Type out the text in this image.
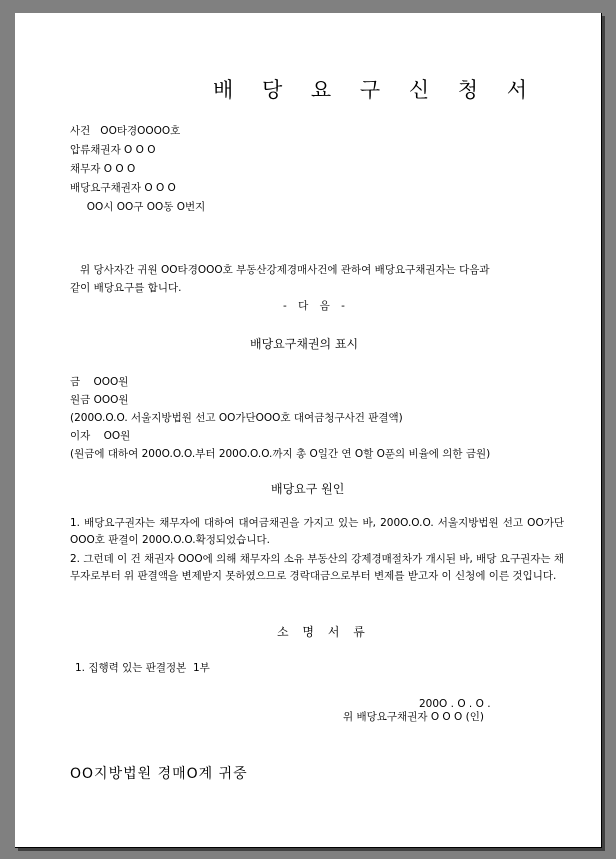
배 당 요 구 신 청 서
사건   OO타경OOOO호
압류채권자 O O O
채무자 O O O
배당요구채권자 O O O
OO시 OO구 OO동 O번지
위 당사자간 귀원 OO타경OOO호 부동산강제경매사건에 관하여 배당요구채권자는 다음과
같이 배당요구를 합니다.
- 다 음 -
배당요구채권의 표시
금    OOO원
원금 OOO원
(200O.O.O. 서울지방법원 선고 OO가단OOO호 대여금청구사건 판결액)
이자    OO원
(원금에 대하여 200O.O.O.부터 200O.O.O.까지 총 O일간 연 O할 O푼의 비율에 의한 금원)
배당요구 원인
1. 배당요구권자는 채무자에 대하여 대여금채권을 가지고 있는 바, 200O.O.O. 서울지방법원 선고 OO가단OOO호 판결이 200O.O.O.확정되었습니다.
2. 그런데 이 건 채권자 OOO에 의해 채무자의 소유 부동산의 강제경매절차가 개시된 바, 배당 요구권자는 채무자로부터 위 판결액을 변제받지 못하였으므로 경락대금으로부터 변제를 받고자 이 신청에 이른 것입니다.
소 명 서 류
1. 집행력 있는 판결정본  1부
200O . O . O .
위 배당요구채권자 O O O (인)
OO지방법원 경매O계 귀중
